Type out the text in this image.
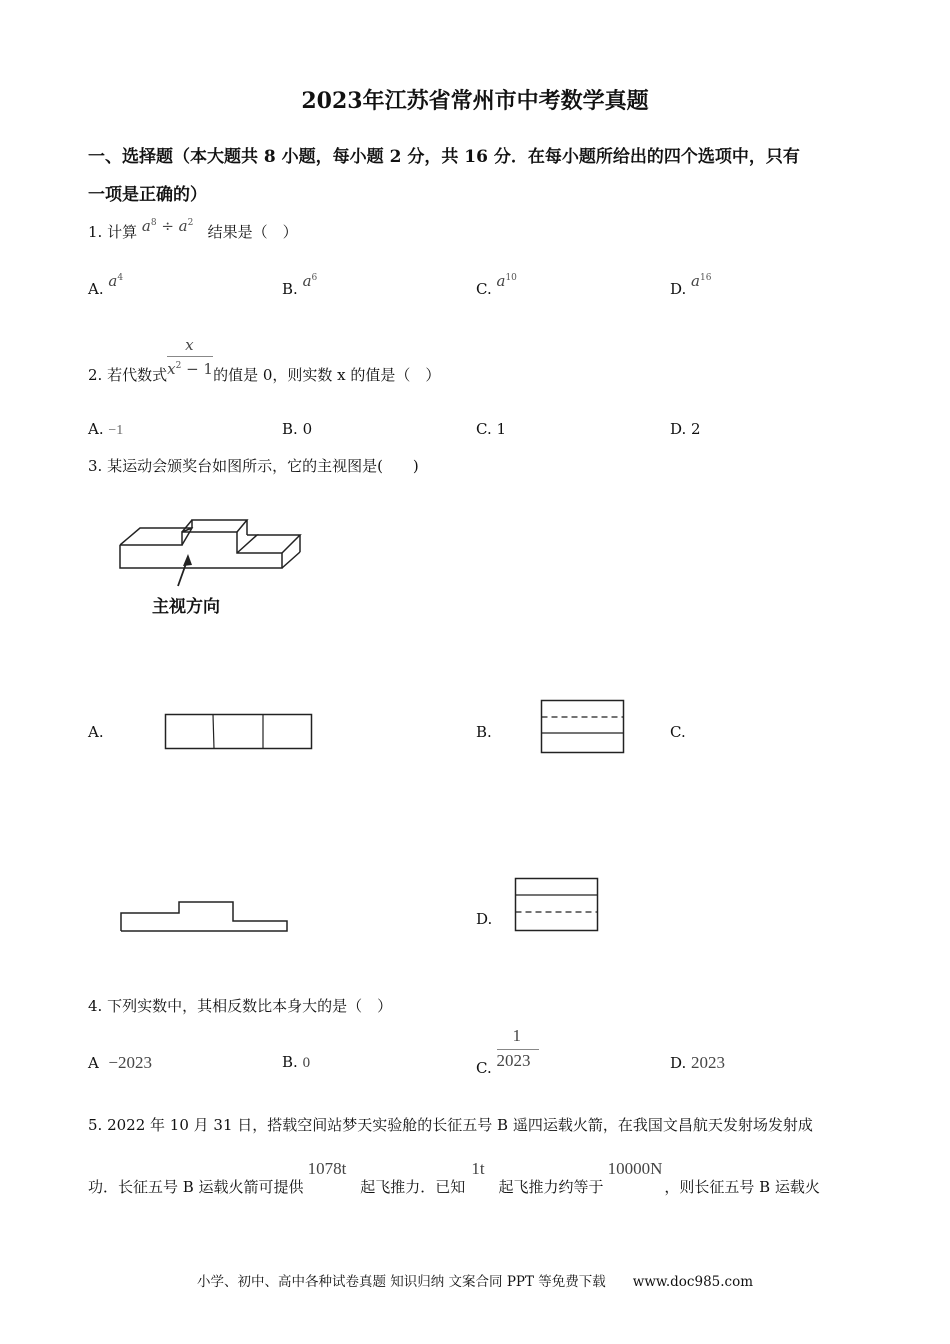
2023年江苏省常州市中考数学真题
一、选择题（本大题共 8 小题，每小题 2 分，共 16 分．在每小题所给出的四个选项中，只有
一项是正确的）
1. 计算 $a^8 \div a^2$ 结果是（　）
A. $a^4$
B. $a^6$
C. $a^{10}$
D. $a^{16}$
2. 若代数式 $\frac{x}{x^2 - 1}$ 的值是 0，则实数 x 的值是（　）
A. −1	B. 0	C. 1	D. 2
3. 某运动会颁奖台如图所示，它的主视图是(　　)
主视方向
A.	B.	C.
D.
4. 下列实数中，其相反数比本身大的是（　）
A −2023	B. 0	C. $\frac{1}{2023}$	D. 2023
5. 2022 年 10 月 31 日，搭载空间站梦天实验舱的长征五号 B 遥四运载火箭，在我国文昌航天发射场发射成
功．长征五号 B 运载火箭可提供1078t起飞推力．已知1t起飞推力约等于10000N，则长征五号 B 运载火
小学、初中、高中各种试卷真题 知识归纳 文案合同 PPT 等免费下载　　www.doc985.com
